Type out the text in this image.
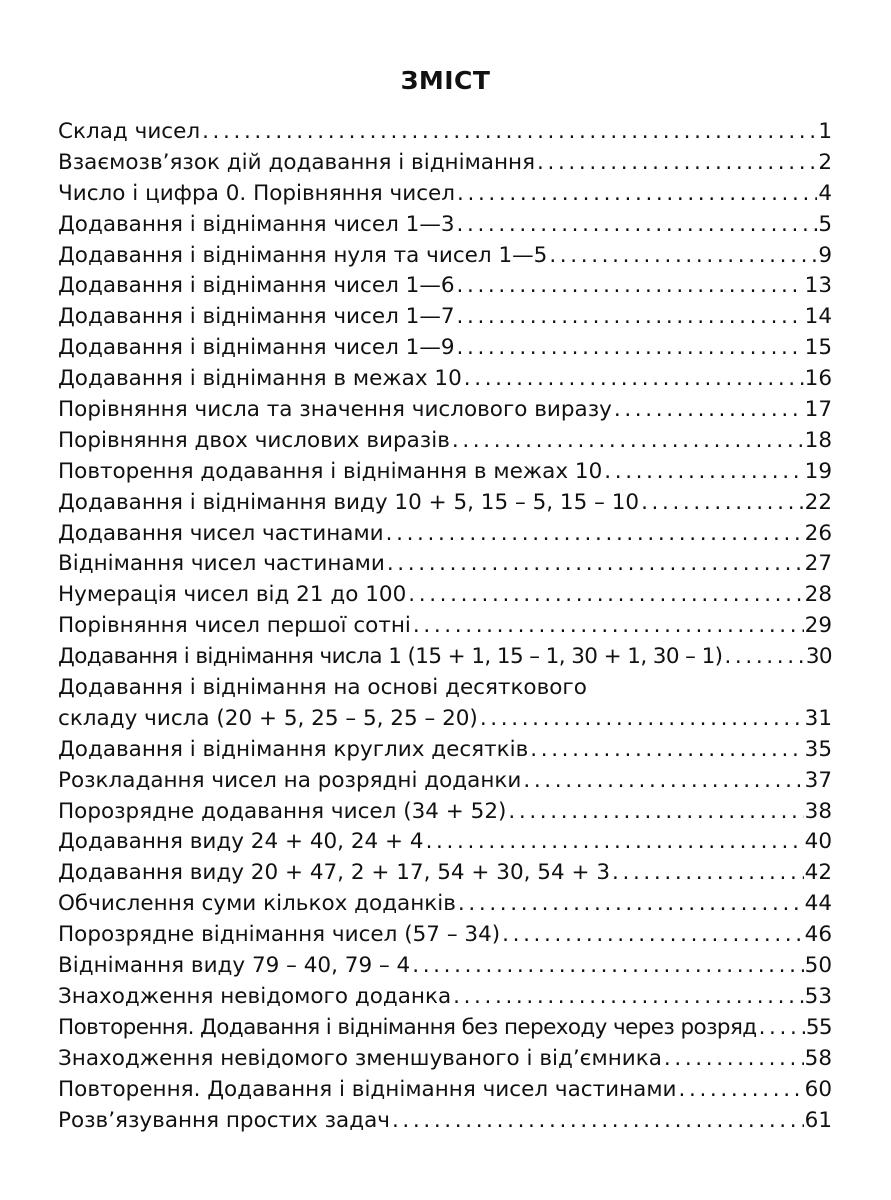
ЗМІСТ
Склад чисел . . .	1
Взаємозв’язок дій додавання і віднімання . . .	2
Число і цифра 0. Порівняння чисел . . .	4
Додавання і віднімання чисел 1—3 . . .	5
Додавання і віднімання нуля та чисел 1—5 . . .	9
Додавання і віднімання чисел 1—6 . . .	13
Додавання і віднімання чисел 1—7 . . .	14
Додавання і віднімання чисел 1—9 . . .	15
Додавання і віднімання в межах 10 . . .	16
Порівняння числа та значення числового виразу . . .	17
Порівняння двох числових виразів . . .	18
Повторення додавання і віднімання в межах 10 . . .	19
Додавання і віднімання виду 10 + 5, 15 – 5, 15 – 10 . . .	22
Додавання чисел частинами . . .	26
Віднімання чисел частинами . . .	27
Нумерація чисел від 21 до 100 . . .	28
Порівняння чисел першої сотні . . .	29
Додавання і віднімання числа 1 (15 + 1, 15 – 1, 30 + 1, 30 – 1) . . .	30
Додавання і віднімання на основі десяткового
складу числа (20 + 5, 25 – 5, 25 – 20) . . .	31
Додавання і віднімання круглих десятків . . .	35
Розкладання чисел на розрядні доданки . . .	37
Порозрядне додавання чисел (34 + 52) . . .	38
Додавання виду 24 + 40, 24 + 4 . . .	40
Додавання виду 20 + 47, 2 + 17, 54 + 30, 54 + 3 . . .	42
Обчислення суми кількох доданків . . .	44
Порозрядне віднімання чисел (57 – 34) . . .	46
Віднімання виду 79 – 40, 79 – 4 . . .	50
Знаходження невідомого доданка . . .	53
Повторення. Додавання і віднімання без переходу через розряд . . . 55
Знаходження невідомого зменшуваного і від’ємника . . .	58
Повторення. Додавання і віднімання чисел частинами . . .	60
Розв’язування простих задач . . .	61
